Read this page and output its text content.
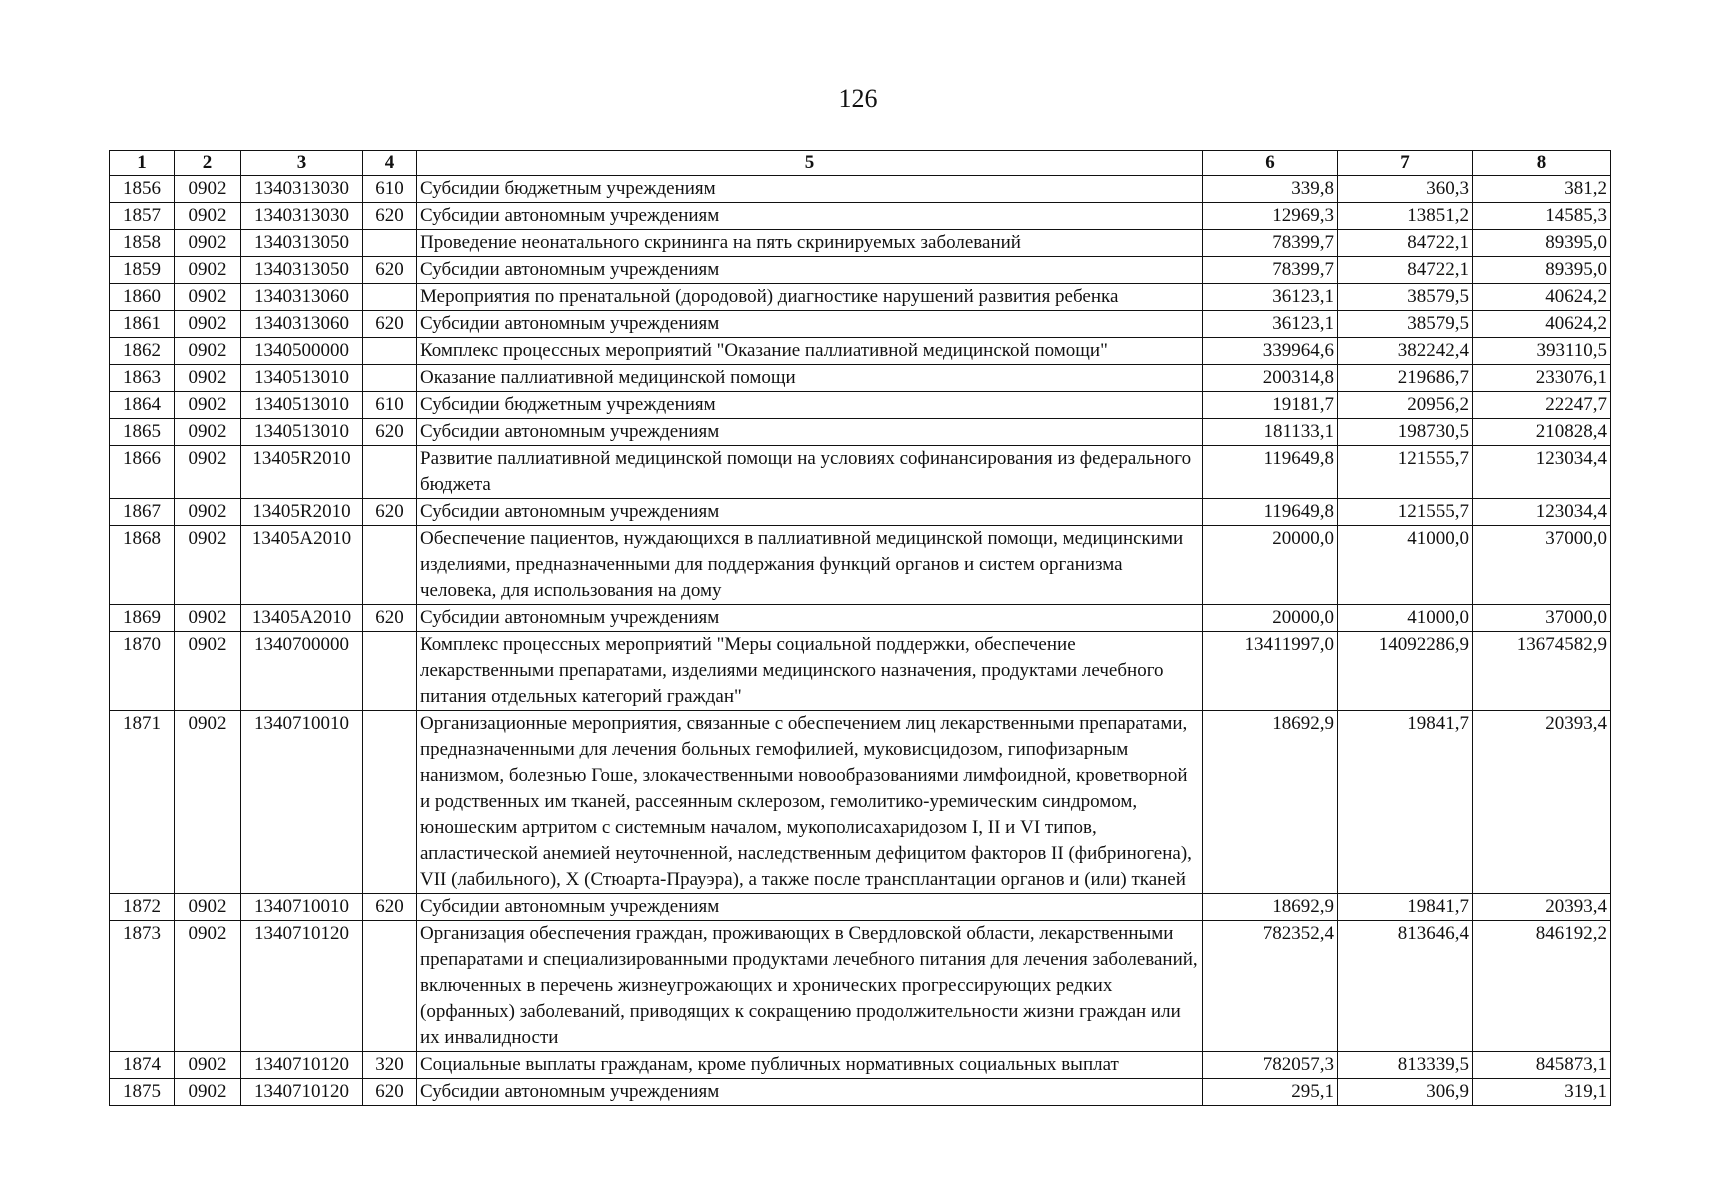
126
1	2	3	4	5	6	7	8
1856	0902	1340313030	610	Субсидии бюджетным учреждениям	339,8	360,3	381,2
1857	0902	1340313030	620	Субсидии автономным учреждениям	12969,3	13851,2	14585,3
1858	0902	1340313050		Проведение неонатального скрининга на пять скринируемых заболеваний	78399,7	84722,1	89395,0
1859	0902	1340313050	620	Субсидии автономным учреждениям	78399,7	84722,1	89395,0
1860	0902	1340313060		Мероприятия по пренатальной (дородовой) диагностике нарушений развития ребенка	36123,1	38579,5	40624,2
1861	0902	1340313060	620	Субсидии автономным учреждениям	36123,1	38579,5	40624,2
1862	0902	1340500000		Комплекс процессных мероприятий "Оказание паллиативной медицинской помощи"	339964,6	382242,4	393110,5
1863	0902	1340513010		Оказание паллиативной медицинской помощи	200314,8	219686,7	233076,1
1864	0902	1340513010	610	Субсидии бюджетным учреждениям	19181,7	20956,2	22247,7
1865	0902	1340513010	620	Субсидии автономным учреждениям	181133,1	198730,5	210828,4
1866	0902	13405R2010		Развитие паллиативной медицинской помощи на условиях софинансирования из федерального бюджета	119649,8	121555,7	123034,4
1867	0902	13405R2010	620	Субсидии автономным учреждениям	119649,8	121555,7	123034,4
1868	0902	13405A2010		Обеспечение пациентов, нуждающихся в паллиативной медицинской помощи, медицинскими изделиями, предназначенными для поддержания функций органов и систем организма человека, для использования на дому	20000,0	41000,0	37000,0
1869	0902	13405A2010	620	Субсидии автономным учреждениям	20000,0	41000,0	37000,0
1870	0902	1340700000		Комплекс процессных мероприятий "Меры социальной поддержки, обеспечение лекарственными препаратами, изделиями медицинского назначения, продуктами лечебного питания отдельных категорий граждан"	13411997,0	14092286,9	13674582,9
1871	0902	1340710010		Организационные мероприятия, связанные с обеспечением лиц лекарственными препаратами, предназначенными для лечения больных гемофилией, муковисцидозом, гипофизарным нанизмом, болезнью Гоше, злокачественными новообразованиями лимфоидной, кроветворной и родственных им тканей, рассеянным склерозом, гемолитико-уремическим синдромом, юношеским артритом с системным началом, мукополисахаридозом I, II и VI типов, апластической анемией неуточненной, наследственным дефицитом факторов II (фибриногена), VII (лабильного), X (Стюарта-Прауэра), а также после трансплантации органов и (или) тканей	18692,9	19841,7	20393,4
1872	0902	1340710010	620	Субсидии автономным учреждениям	18692,9	19841,7	20393,4
1873	0902	1340710120		Организация обеспечения граждан, проживающих в Свердловской области, лекарственными препаратами и специализированными продуктами лечебного питания для лечения заболеваний, включенных в перечень жизнеугрожающих и хронических прогрессирующих редких (орфанных) заболеваний, приводящих к сокращению продолжительности жизни граждан или их инвалидности	782352,4	813646,4	846192,2
1874	0902	1340710120	320	Социальные выплаты гражданам, кроме публичных нормативных социальных выплат	782057,3	813339,5	845873,1
1875	0902	1340710120	620	Субсидии автономным учреждениям	295,1	306,9	319,1
